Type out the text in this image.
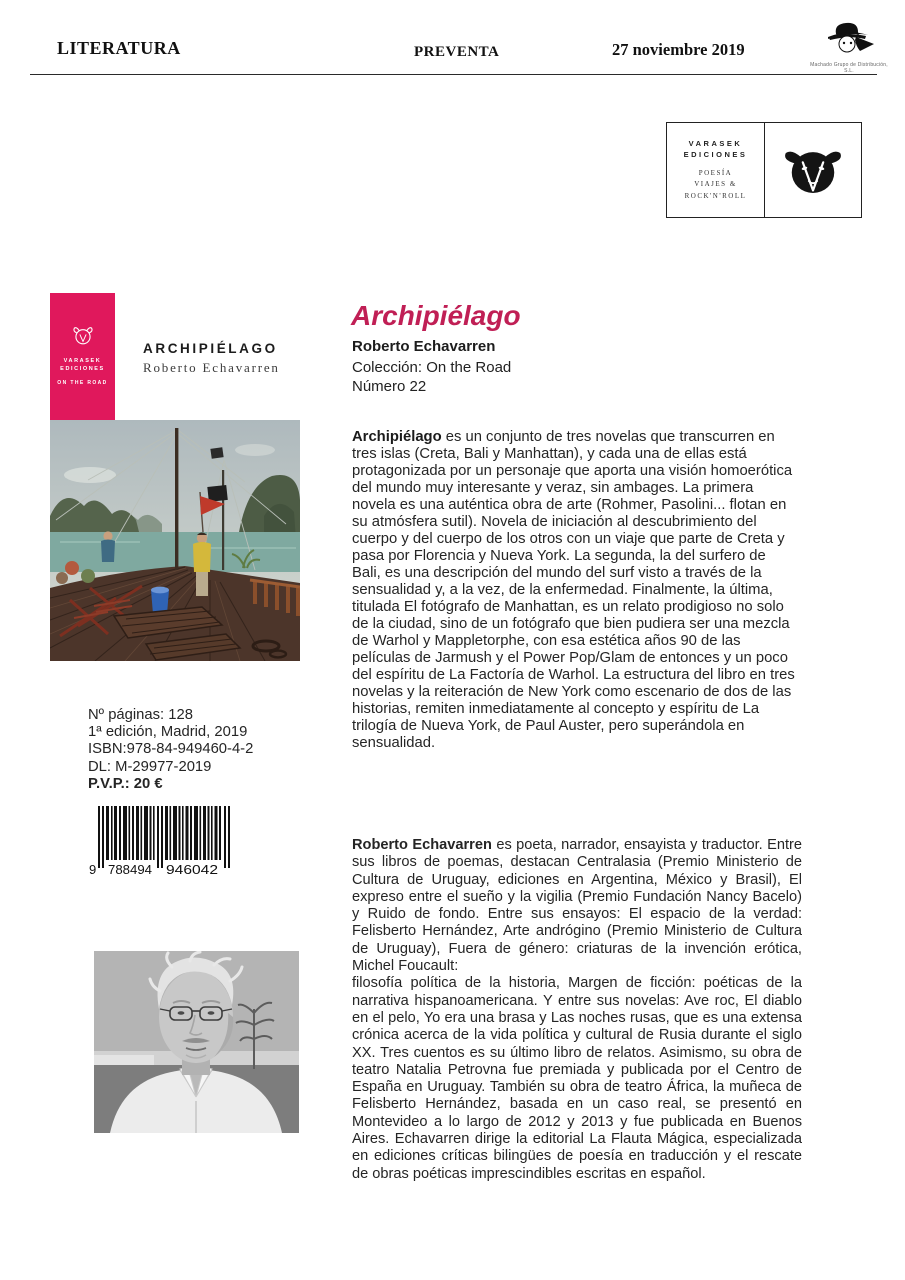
LITERATURA	PREVENTA	27 noviembre 2019
Machado Grupo de Distribución, S.L.
VARASEK
EDICIONES
POESÍA
VIAJES &
ROCK'N'ROLL
VARASEK
EDICIONES
ON THE ROAD
ARCHIPIÉLAGO
Roberto Echavarren
Archipiélago
Roberto Echavarren
Colección: On the Road
Número 22
Archipiélago es un conjunto de tres novelas que transcurren en tres islas (Creta, Bali y Manhattan), y cada una de ellas está protagonizada por un personaje que aporta una visión homoerótica del mundo muy interesante y veraz, sin ambages. La primera novela es una auténtica obra de arte (Rohmer, Pasolini... flotan en su atmósfera sutil). Novela de iniciación al descubrimiento del cuerpo y del cuerpo de los otros con un viaje que parte de Creta y pasa por Florencia y Nueva York. La segunda, la del surfero de Bali, es una descripción del mundo del surf visto a través de la sensualidad y, a la vez, de la enfermedad. Finalmente, la última, titulada El fotógrafo de Manhattan, es un relato prodigioso no solo de la ciudad, sino de un fotógrafo que bien pudiera ser una mezcla de Warhol y Mappletorphe, con esa estética años 90 de las películas de Jarmush y el Power Pop/Glam de entonces y un poco del espíritu de La Factoría de Warhol. La estructura del libro en tres novelas y la reiteración de New York como escenario de dos de las historias, remiten inmediatamente al concepto y espíritu de La trilogía de Nueva York, de Paul Auster, pero superándola en sensualidad.
Nº páginas: 128
1ª edición, Madrid, 2019
ISBN:978-84-949460-4-2
DL: M-29977-2019
P.V.P.: 20 €
9 788494 946042

Roberto Echavarren es poeta, narrador, ensayista y traductor. Entre sus libros de poemas, destacan Centralasia (Premio Ministerio de Cultura de Uruguay, ediciones en Argentina, México y Brasil), El expreso entre el sueño y la vigilia (Premio Fundación Nancy Bacelo) y Ruido de fondo. Entre sus ensayos: El espacio de la verdad: Felisberto Hernández, Arte andrógino (Premio Ministerio de Cultura de Uruguay), Fuera de género: criaturas de la invención erótica, Michel Foucault:

filosofía política de la historia, Margen de ficción: poéticas de la narrativa hispanoamericana. Y entre sus novelas: Ave roc, El diablo en el pelo, Yo era una brasa y Las noches rusas, que es una extensa crónica acerca de la vida política y cultural de Rusia durante el siglo XX. Tres cuentos es su último libro de relatos. Asimismo, su obra de teatro Natalia Petrovna fue premiada y publicada por el Centro de España en Uruguay. También su obra de teatro África, la muñeca de Felisberto Hernández, basada en un caso real, se presentó en Montevideo a lo largo de 2012 y 2013 y fue publicada en Buenos Aires. Echavarren dirige la editorial La Flauta Mágica, especializada en ediciones críticas bilingües de poesía en traducción y el rescate de obras poéticas imprescindibles escritas en español.
